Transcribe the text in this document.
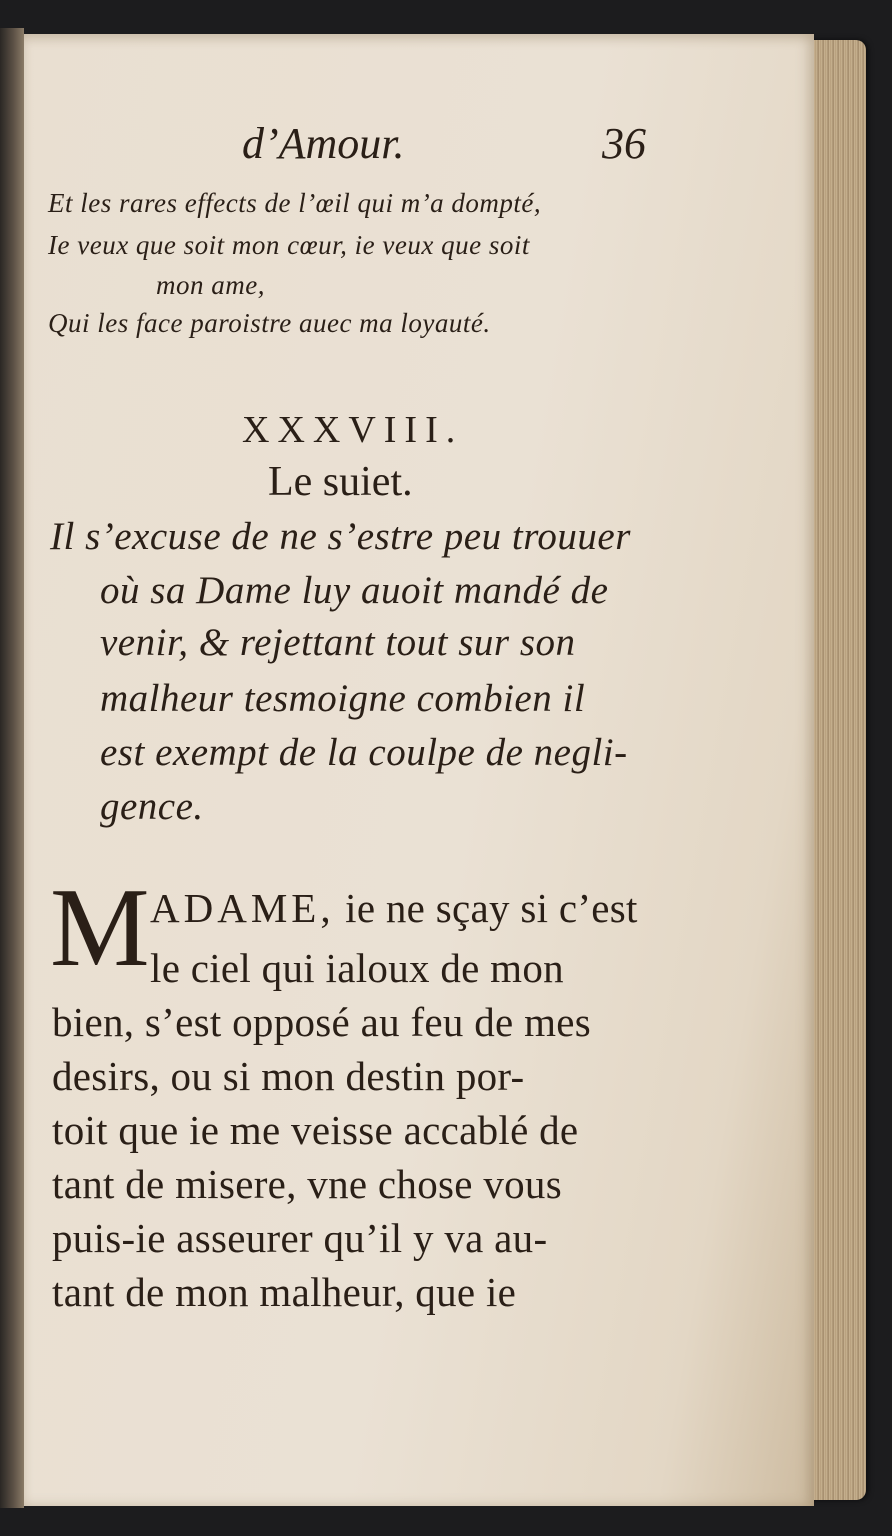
d’Amour.	36
Et les rares effects de l’œil qui m’a dompté,
Ie veux que soit mon cœur, ie veux que soit
mon ame,
Qui les face paroistre auec ma loyauté.
XXXVIII.
Le suiet.
Il s’excuse de ne s’estre peu trouuer
où sa Dame luy auoit mandé de
venir, & rejettant tout sur son
malheur tesmoigne combien il
est exempt de la coulpe de negli-
gence.
M ADAME, ie ne sçay si c’est
le ciel qui ialoux de mon
bien, s’est opposé au feu de mes
desirs, ou si mon destin por-
toit que ie me veisse accablé de
tant de misere, vne chose vous
puis-ie asseurer qu’il y va au-
tant de mon malheur, que ie
